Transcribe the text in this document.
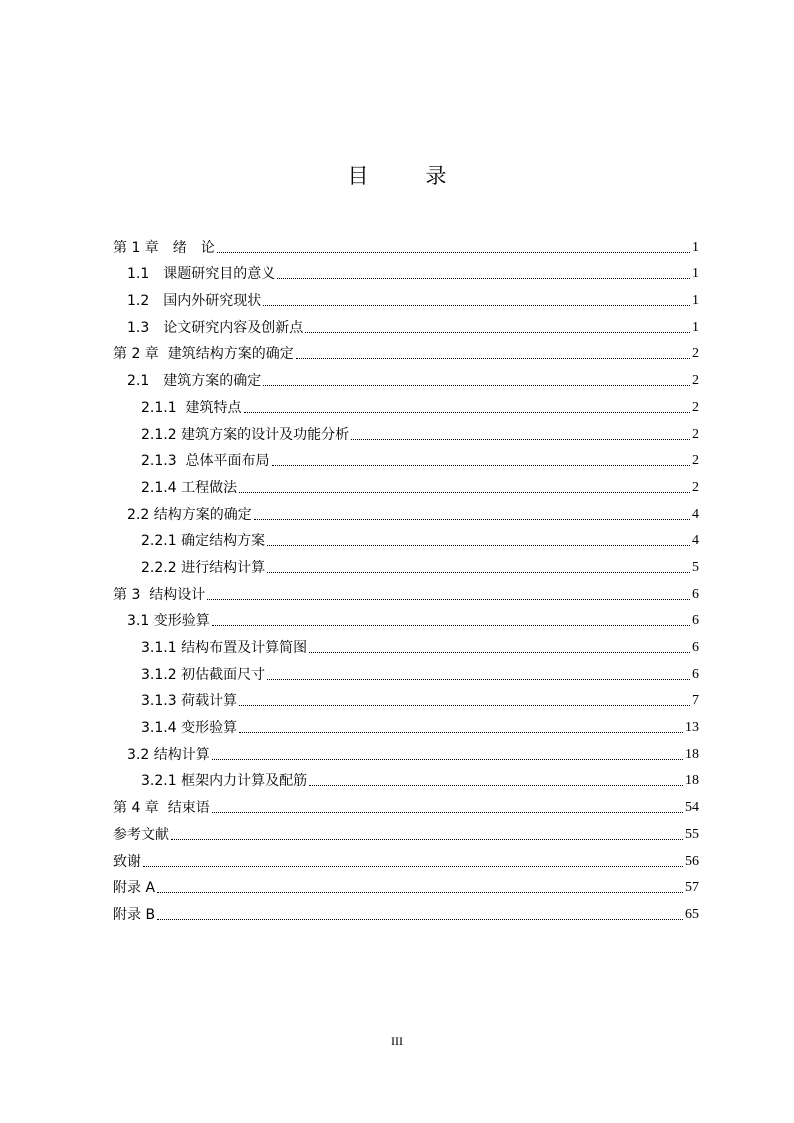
目　录
第 1 章　绪　论	1
1.1　课题研究目的意义	1
1.2　国内外研究现状	1
1.3　论文研究内容及创新点	1
第 2 章  建筑结构方案的确定	2
2.1　建筑方案的确定	2
2.1.1  建筑特点	2
2.1.2 建筑方案的设计及功能分析	2
2.1.3  总体平面布局	2
2.1.4 工程做法	2
2.2 结构方案的确定	4
2.2.1 确定结构方案	4
2.2.2 进行结构计算	5
第 3  结构设计	6
3.1 变形验算	6
3.1.1 结构布置及计算简图	6
3.1.2 初估截面尺寸	6
3.1.3 荷载计算	7
3.1.4 变形验算	13
3.2 结构计算	18
3.2.1 框架内力计算及配筋	18
第 4 章  结束语	54
参考文献	55
致谢	56
附录 A	57
附录 B	65
III
